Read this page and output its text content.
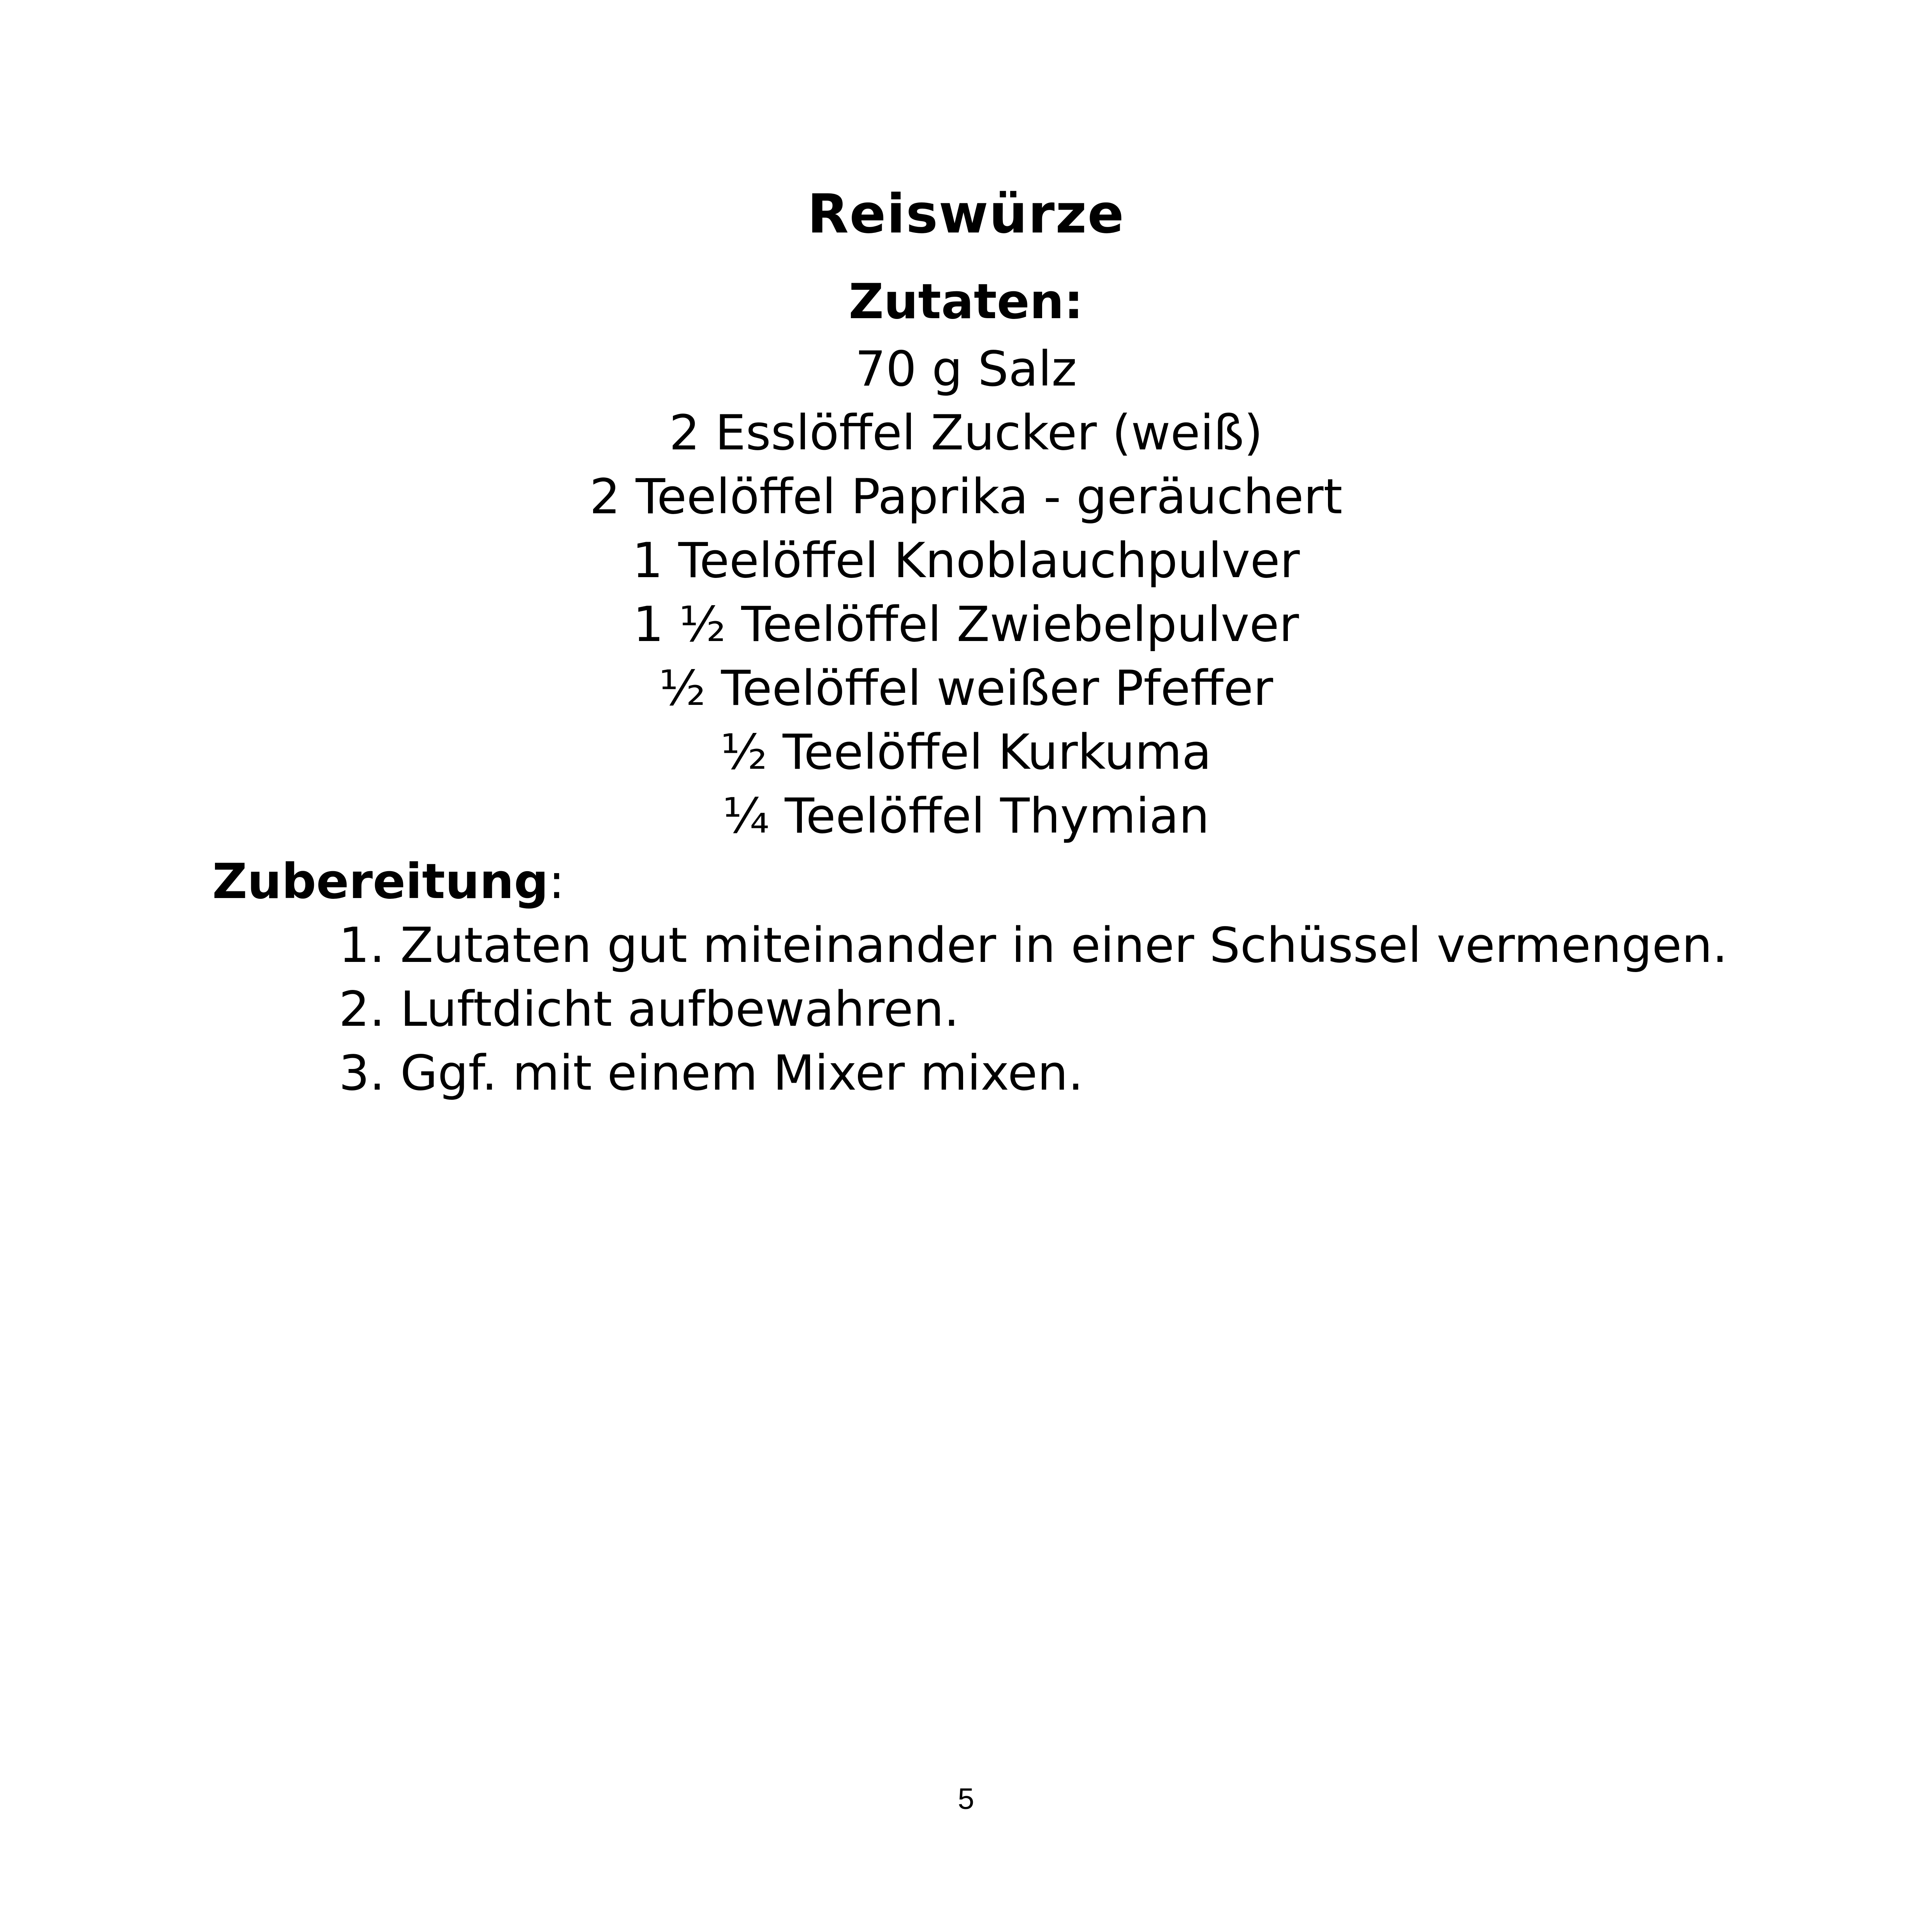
Reiswürze
Zutaten:
70 g Salz
2 Esslöffel Zucker (weiß)
2 Teelöffel Paprika - geräuchert
1 Teelöffel Knoblauchpulver
1 ½ Teelöffel Zwiebelpulver
½ Teelöffel weißer Pfeffer
½ Teelöffel Kurkuma
¼ Teelöffel Thymian

Zubereitung:

1. Zutaten gut miteinander in einer Schüssel vermengen.
2. Luftdicht aufbewahren.
3. Ggf. mit einem Mixer mixen.
5
